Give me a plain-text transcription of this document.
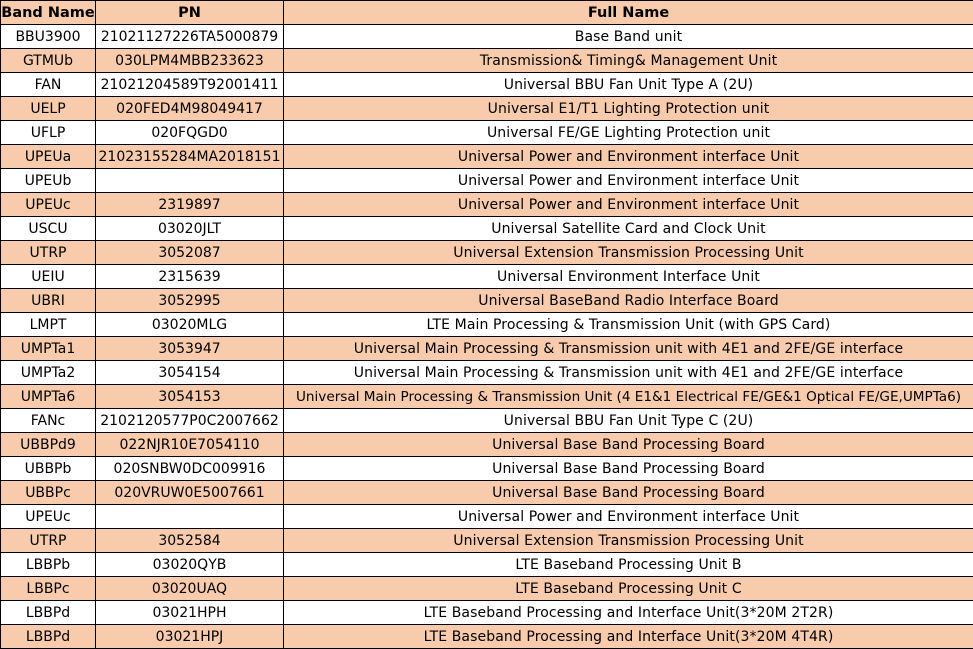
Band Name	PN	Full Name
BBU3900	21021127226TA5000879	Base Band unit
GTMUb	030LPM4MBB233623	Transmission& Timing& Management Unit
FAN	21021204589T92001411	Universal BBU Fan Unit Type A (2U)
UELP	020FED4M98049417	Universal E1/T1 Lighting Protection unit
UFLP	020FQGD0	Universal FE/GE Lighting Protection unit
UPEUa	21023155284MA2018151	Universal Power and Environment interface Unit
UPEUb		Universal Power and Environment interface Unit
UPEUc	2319897	Universal Power and Environment interface Unit
USCU	03020JLT	Universal Satellite Card and Clock Unit
UTRP	3052087	Universal Extension Transmission Processing Unit
UEIU	2315639	Universal Environment Interface Unit
UBRI	3052995	Universal BaseBand Radio Interface Board
LMPT	03020MLG	LTE Main Processing & Transmission Unit (with GPS Card)
UMPTa1	3053947	Universal Main Processing & Transmission unit with 4E1 and 2FE/GE interface
UMPTa2	3054154	Universal Main Processing & Transmission unit with 4E1 and 2FE/GE interface
UMPTa6	3054153	Universal Main Processing & Transmission Unit (4 E1&1 Electrical FE/GE&1 Optical FE/GE,UMPTa6)
FANc	2102120577P0C2007662	Universal BBU Fan Unit Type C (2U)
UBBPd9	022NJR10E7054110	Universal Base Band Processing Board
UBBPb	020SNBW0DC009916	Universal Base Band Processing Board
UBBPc	020VRUW0E5007661	Universal Base Band Processing Board
UPEUc		Universal Power and Environment interface Unit
UTRP	3052584	Universal Extension Transmission Processing Unit
LBBPb	03020QYB	LTE Baseband Processing Unit B
LBBPc	03020UAQ	LTE Baseband Processing Unit C
LBBPd	03021HPH	LTE Baseband Processing and Interface Unit(3*20M 2T2R)
LBBPd	03021HPJ	LTE Baseband Processing and Interface Unit(3*20M 4T4R)
